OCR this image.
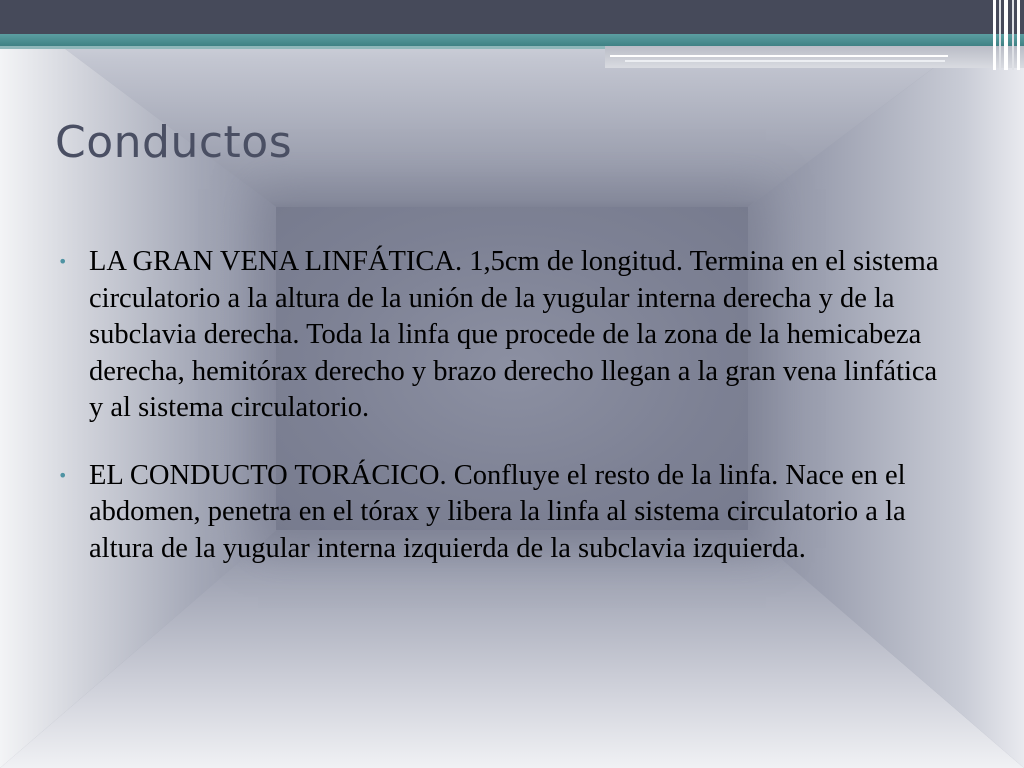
Conductos
• LA GRAN VENA LINFÁTICA. 1,5cm de longitud. Termina en el sistema circulatorio a la altura de la unión de la yugular interna derecha y de la subclavia derecha. Toda la linfa que procede de la zona de la hemicabeza derecha, hemitórax derecho y brazo derecho llegan a la gran vena linfática y al sistema circulatorio.
• EL CONDUCTO TORÁCICO. Confluye el resto de la linfa. Nace en el abdomen, penetra en el tórax y libera la linfa al sistema circulatorio a la altura de la yugular interna izquierda de la subclavia izquierda.
